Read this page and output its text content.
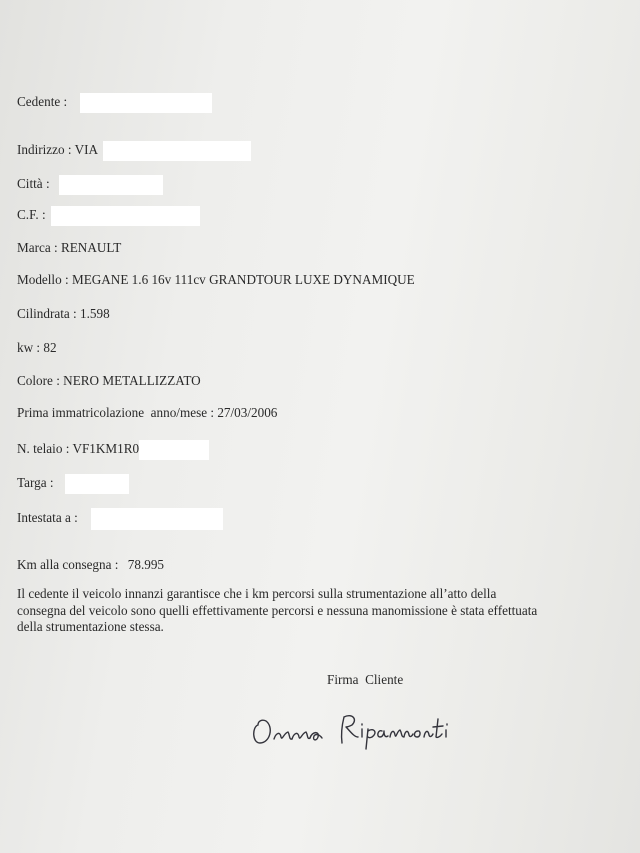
Cedente :
Indirizzo : VIA
Città :
C.F. :
Marca : RENAULT
Modello : MEGANE 1.6 16v 111cv GRANDTOUR LUXE DYNAMIQUE
Cilindrata : 1.598
kw : 82
Colore : NERO METALLIZZATO
Prima immatricolazione  anno/mese : 27/03/2006
N. telaio : VF1KM1R0
Targa :
Intestata a :
Km alla consegna : 78.995
Il cedente il veicolo innanzi garantisce che i km percorsi sulla strumentazione all’atto della
consegna del veicolo sono quelli effettivamente percorsi e nessuna manomissione è stata effettuata
della strumentazione stessa.
Firma  Cliente
Onna Ripamonti
